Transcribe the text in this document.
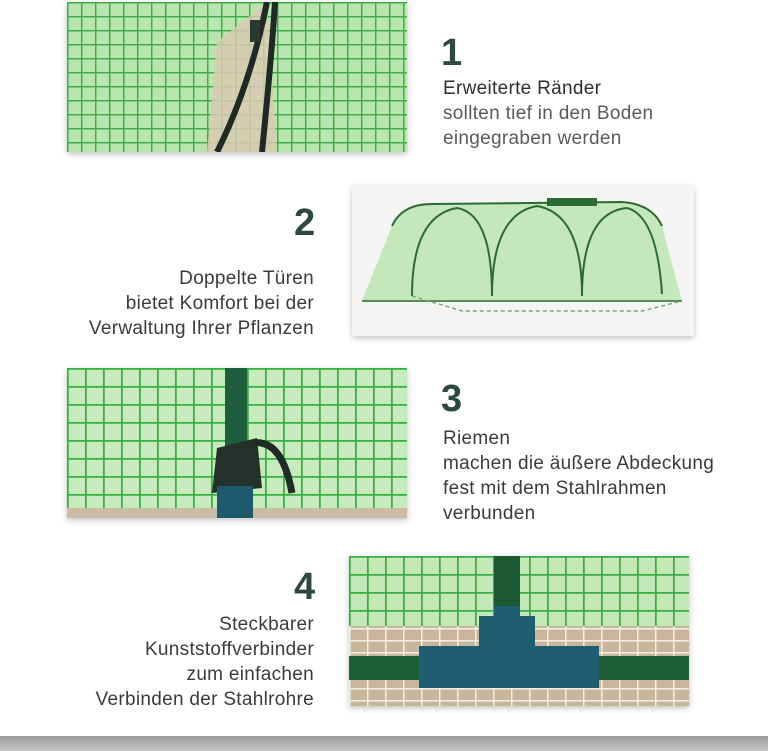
1
Erweiterte Ränder
sollten tief in den Boden
eingegraben werden
2
Doppelte Türen
bietet Komfort bei der
Verwaltung Ihrer Pflanzen
3
Riemen
machen die äußere Abdeckung
fest mit dem Stahlrahmen
verbunden
4
Steckbarer
Kunststoffverbinder
zum einfachen
Verbinden der Stahlrohre
